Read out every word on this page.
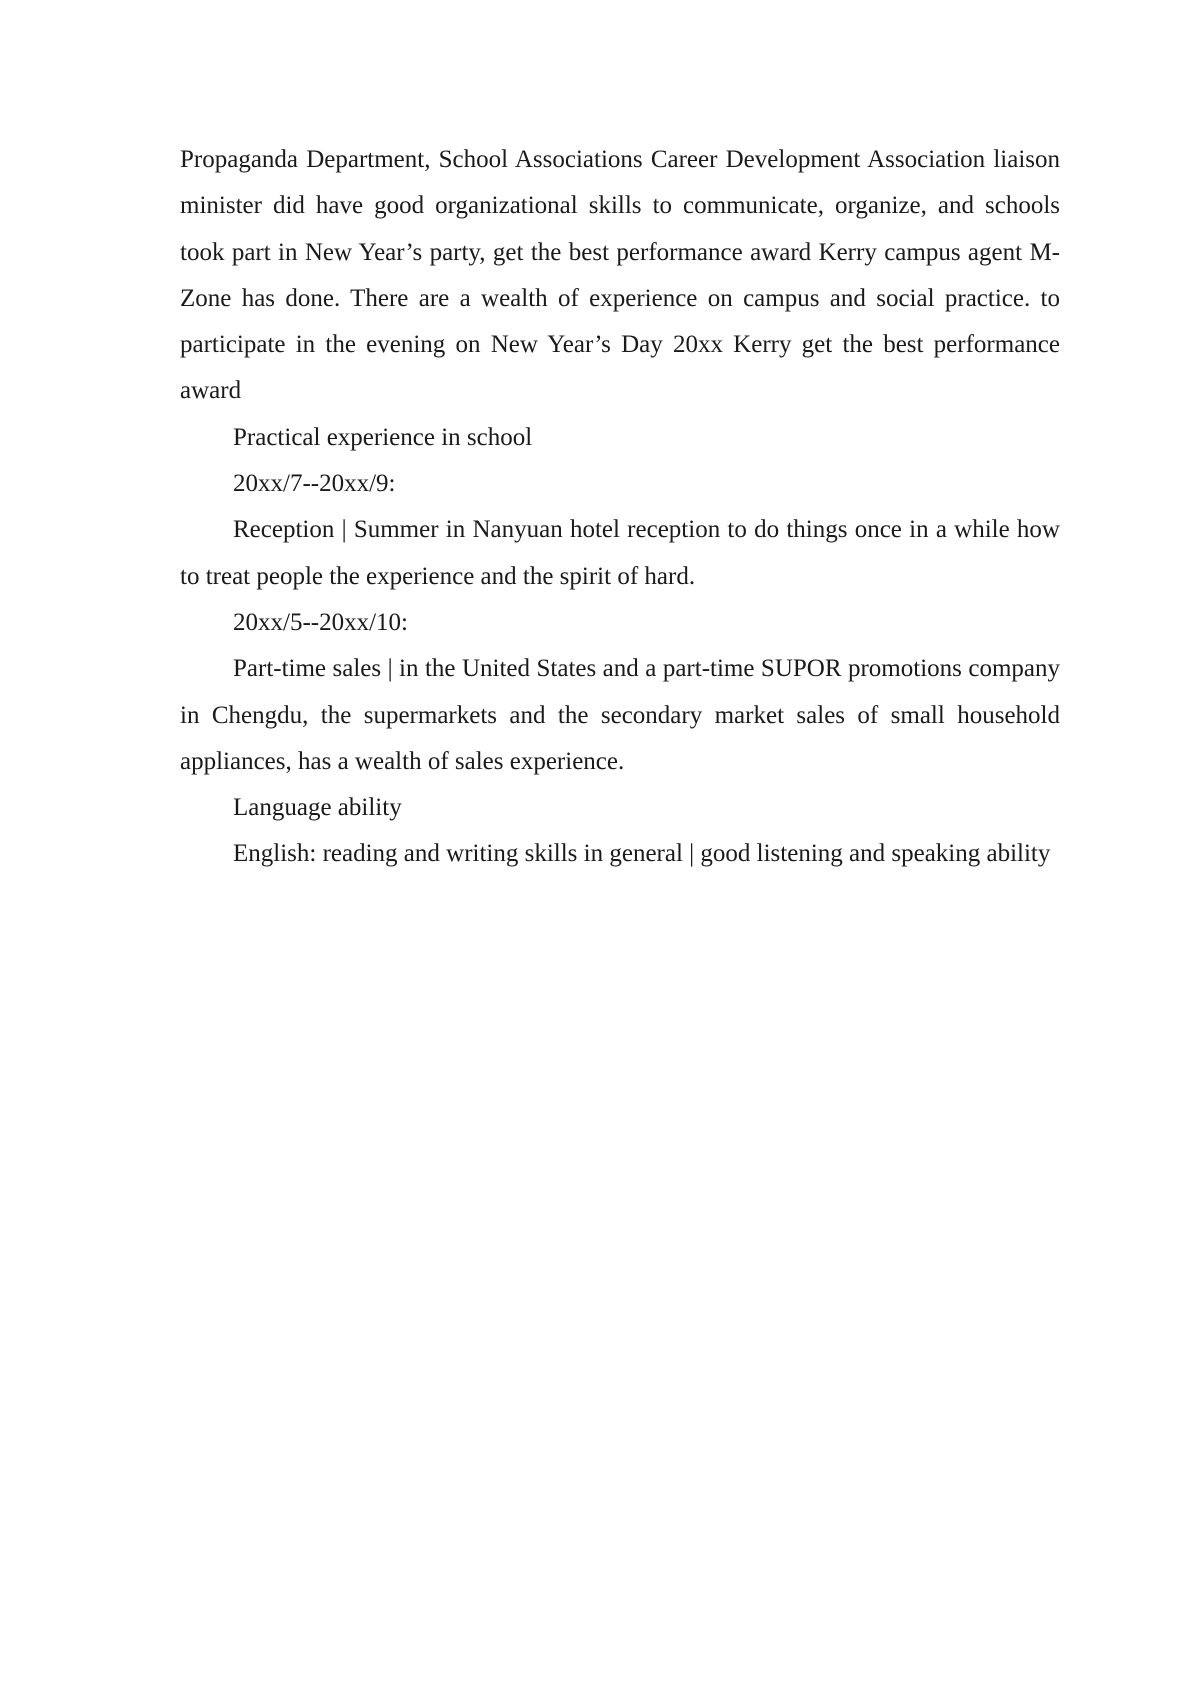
Propaganda Department, School Associations Career Development Association liaison minister did have good organizational skills to communicate, organize, and schools took part in New Year’s party, get the best performance award Kerry campus agent M-Zone has done. There are a wealth of experience on campus and social practice. to participate in the evening on New Year’s Day 20xx Kerry get the best performance award

Practical experience in school

20xx/7--20xx/9:

Reception | Summer in Nanyuan hotel reception to do things once in a while how to treat people the experience and the spirit of hard.

20xx/5--20xx/10:

Part-time sales | in the United States and a part-time SUPOR promotions company in Chengdu, the supermarkets and the secondary market sales of small household appliances, has a wealth of sales experience.

Language ability

English: reading and writing skills in general | good listening and speaking ability
